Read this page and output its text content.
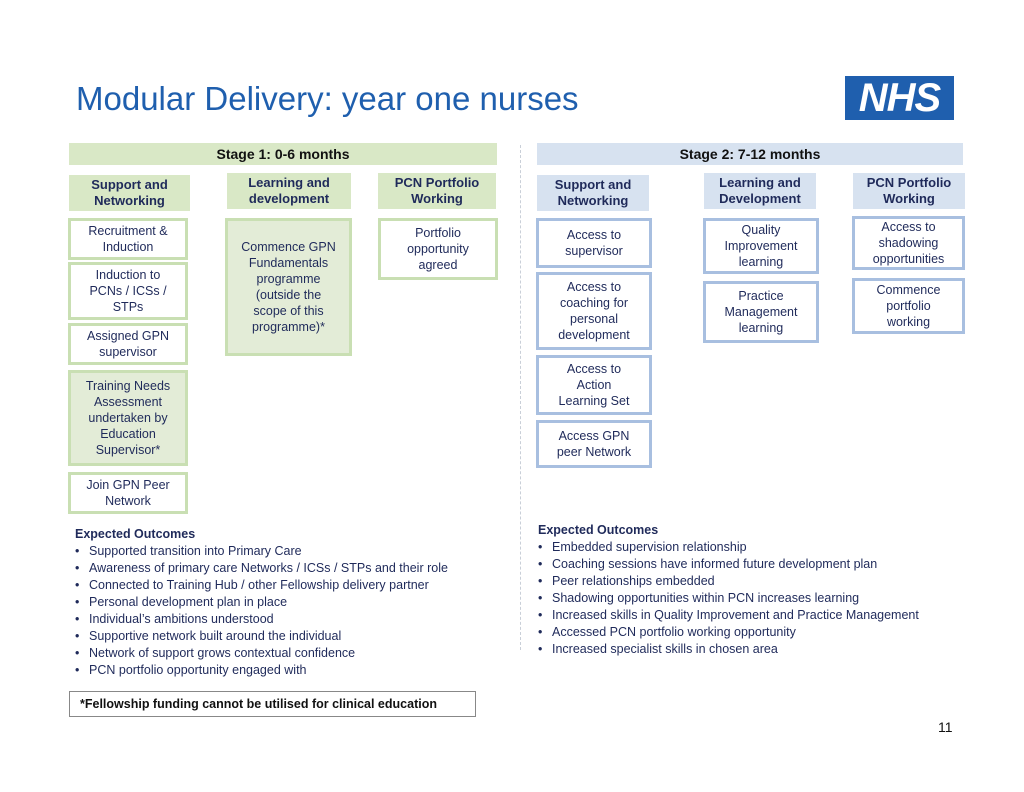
Modular Delivery: year one nurses	NHS
Stage 1: 0-6 months	Stage 2: 7-12 months
Support and
Networking
Learning and
development
PCN Portfolio
Working
Recruitment &
Induction
Induction to
PCNs / ICSs /
STPs
Assigned GPN
supervisor
Training Needs
Assessment
undertaken by
Education
Supervisor*
Join GPN Peer
Network
Commence GPN
Fundamentals
programme
(outside the
scope of this
programme)*
Portfolio
opportunity
agreed
Support and
Networking
Learning and
Development
PCN Portfolio
Working
Access to
supervisor
Access to
coaching for
personal
development
Access to
Action
Learning Set
Access GPN
peer Network
Quality
Improvement
learning
Practice
Management
learning
Access to
shadowing
opportunities
Commence
portfolio
working
Expected Outcomes
• Supported transition into Primary Care
• Awareness of primary care Networks / ICSs / STPs and their role
• Connected to Training Hub / other Fellowship delivery partner
• Personal development plan in place
• Individual’s ambitions understood
• Supportive network built around the individual
• Network of support grows contextual confidence
• PCN portfolio opportunity engaged with
Expected Outcomes
• Embedded supervision relationship
• Coaching sessions have informed future development plan
• Peer relationships embedded
• Shadowing opportunities within PCN increases learning
• Increased skills in Quality Improvement and Practice Management
• Accessed PCN portfolio working opportunity
• Increased specialist skills in chosen area
*Fellowship funding cannot be utilised for clinical education
11
